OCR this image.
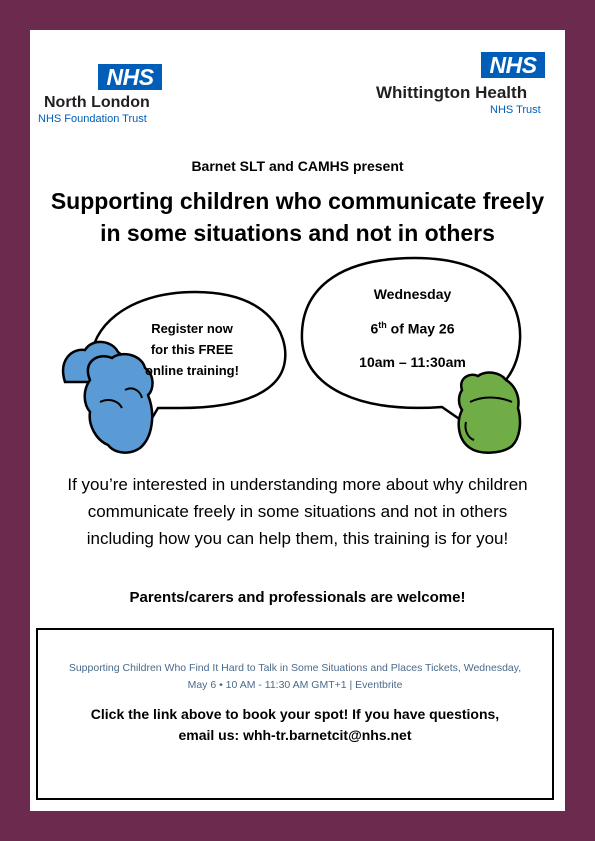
NHS
North London
NHS Foundation Trust
NHS
Whittington Health
NHS Trust
Barnet SLT and CAMHS present
Supporting children who communicate freely in some situations and not in others
Register now
for this FREE
online training!
Wednesday
6th of May 26
10am – 11:30am
If you’re interested in understanding more about why children communicate freely in some situations and not in others including how you can help them, this training is for you!
Parents/carers and professionals are welcome!
Supporting Children Who Find It Hard to Talk in Some Situations and Places Tickets, Wednesday,
May 6 • 10 AM - 11:30 AM GMT+1 | Eventbrite
Click the link above to book your spot! If you have questions,
email us: whh-tr.barnetcit@nhs.net
